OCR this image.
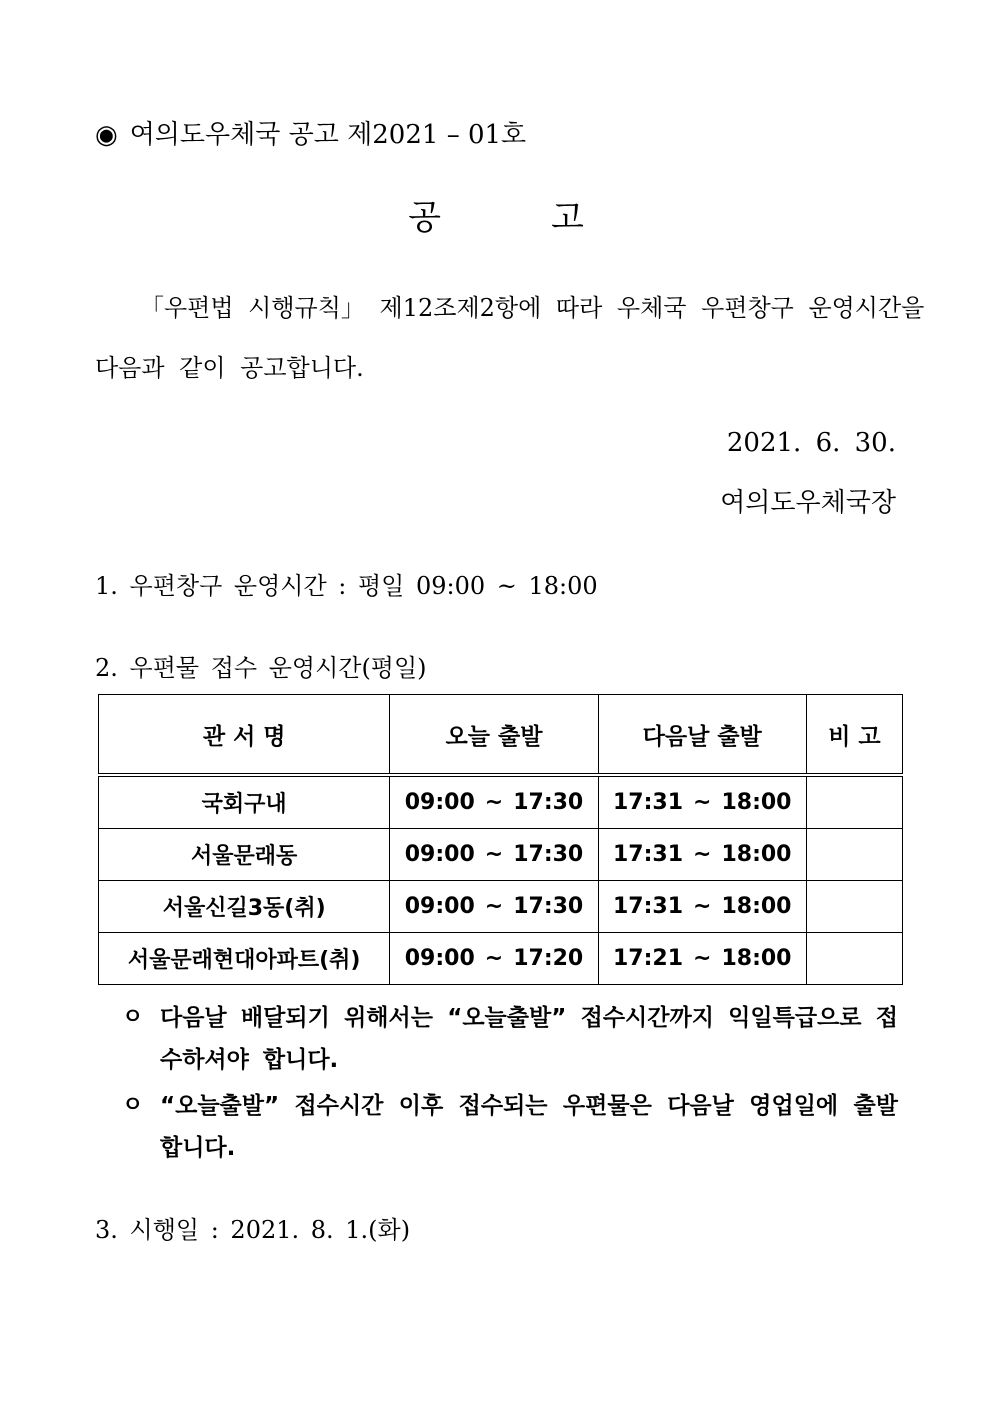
◉ 여의도우체국 공고 제2021 – 01호
공	고
「우편법 시행규칙」 제12조제2항에 따라 우체국 우편창구 운영시간을
다음과 같이 공고합니다.
2021. 6. 30.
여의도우체국장
1. 우편창구 운영시간 : 평일 09:00 ~ 18:00
2. 우편물 접수 운영시간(평일)
관 서 명	오늘 출발	다음날 출발	비 고
국회구내	09:00 ~ 17:30	17:31 ~ 18:00	
서울문래동	09:00 ~ 17:30	17:31 ~ 18:00	
서울신길3동(취)	09:00 ~ 17:30	17:31 ~ 18:00	
서울문래현대아파트(취)	09:00 ~ 17:20	17:21 ~ 18:00	
ㅇ 다음날 배달되기 위해서는 “오늘출발” 접수시간까지 익일특급으로 접수하셔야 합니다.
ㅇ “오늘출발” 접수시간 이후 접수되는 우편물은 다음날 영업일에 출발합니다.
3. 시행일 : 2021. 8. 1.(화)
